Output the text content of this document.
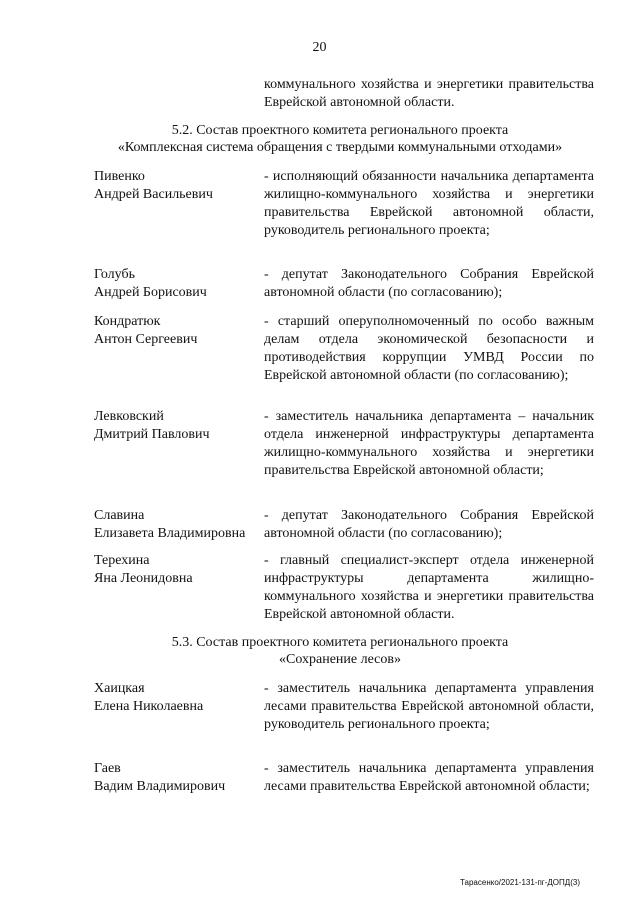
20
коммунального хозяйства и энергетики правительства Еврейской автономной области.
5.2. Состав проектного комитета регионального проекта
«Комплексная система обращения с твердыми коммунальными отходами»
Пивенко
Андрей Васильевич
- исполняющий обязанности начальника департамента жилищно-коммунального хозяйства и энергетики правительства Еврейской автономной области, руководитель регионального проекта;
Голубь
Андрей Борисович
- депутат Законодательного Собрания Еврейской автономной области (по согласованию);
Кондратюк
Антон Сергеевич
- старший оперуполномоченный по особо важным делам отдела экономической безопасности и противодействия коррупции УМВД России по Еврейской автономной области (по согласованию);
Левковский
Дмитрий Павлович
- заместитель начальника департамента – начальник отдела инженерной инфраструктуры департамента жилищно-коммунального хозяйства и энергетики правительства Еврейской автономной области;
Славина
Елизавета Владимировна
- депутат Законодательного Собрания Еврейской автономной области (по согласованию);
Терехина
Яна Леонидовна
- главный специалист-эксперт отдела инженерной инфраструктуры департамента жилищно-коммунального хозяйства и энергетики правительства Еврейской автономной области.
5.3. Состав проектного комитета регионального проекта
«Сохранение лесов»
Хаицкая
Елена Николаевна
- заместитель начальника департамента управления лесами правительства Еврейской автономной области, руководитель регионального проекта;
Гаев
Вадим Владимирович
- заместитель начальника департамента управления лесами правительства Еврейской автономной области;
Тарасенко/2021-131-пг-ДОПД(3)
